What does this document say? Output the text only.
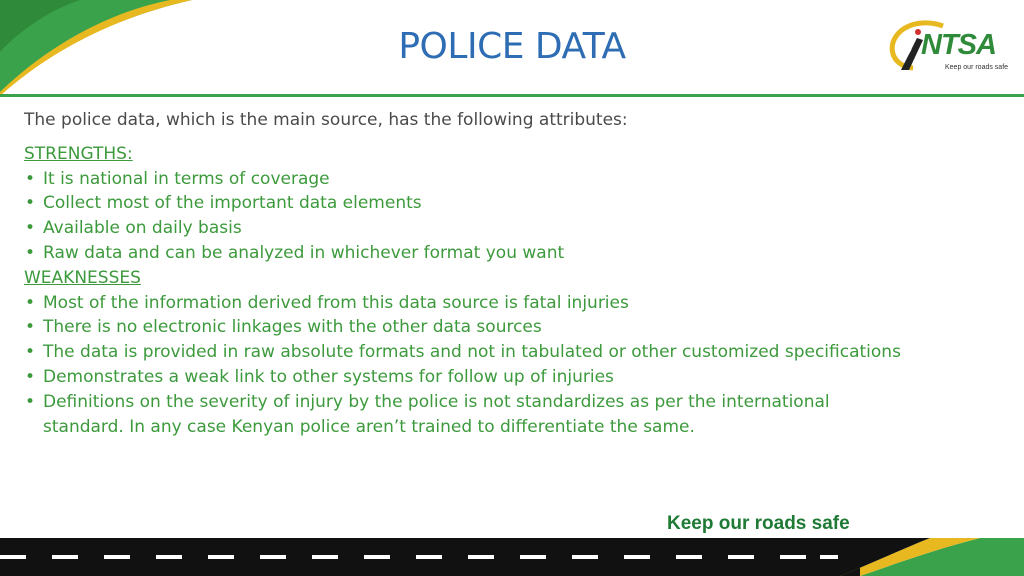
POLICE DATA	NTSA
Keep our roads safe
The police data, which is the main source, has the following attributes:
STRENGTHS:
• It is national in terms of coverage
• Collect most of the important data elements
• Available on daily basis
• Raw data and can be analyzed in whichever format you want
WEAKNESSES
• Most of the information derived from this data source is fatal injuries
• There is no electronic linkages with the other data sources
• The data is provided in raw absolute formats and not in tabulated or other customized specifications
• Demonstrates a weak link to other systems for follow up of injuries
• Definitions on the severity of injury by the police is not standardizes as per the international standard. In any case Kenyan police aren’t trained to differentiate the same.
Keep our roads safe
